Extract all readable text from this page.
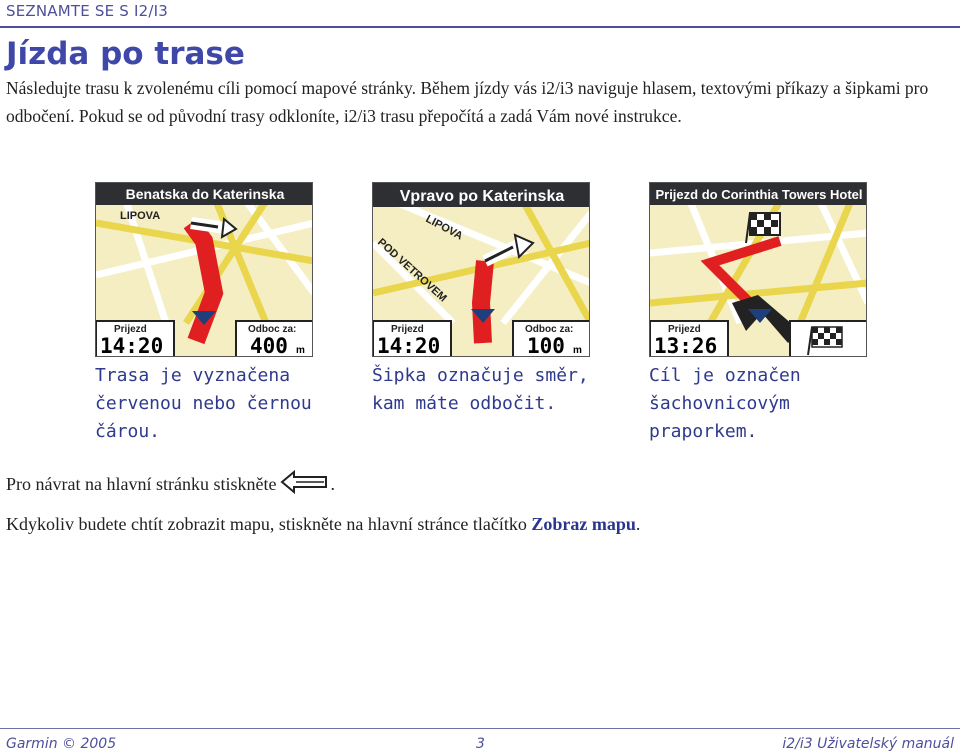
SEZNAMTE SE S I2/I3
Jízda po trase
Následujte trasu k zvolenému cíli pomocí mapové stránky. Během jízdy vás i2/i3 naviguje hlasem, textovými příkazy a šipkami pro odbočení. Pokud se od původní trasy odkloníte, i2/i3 trasu přepočítá a zadá Vám nové instrukce.
Benatska do Katerinska
LIPOVA
Prijezd
14:20
Odboc za:
400 m
Trasa je vyznačena červenou nebo černou čárou.
Vpravo po Katerinska
LIPOVA
POD VETROVEM
Prijezd
14:20
Odboc za:
100 m
Šipka označuje směr, kam máte odbočit.
Prijezd do Corinthia Towers Hotel
Prijezd
13:26
Cíl je označen šachovnicovým praporkem.
Pro návrat na hlavní stránku stiskněte	.
Kdykoliv budete chtít zobrazit mapu, stiskněte na hlavní stránce tlačítko Zobraz mapu.
Garmin © 2005	3	i2/i3 Uživatelský manuál
